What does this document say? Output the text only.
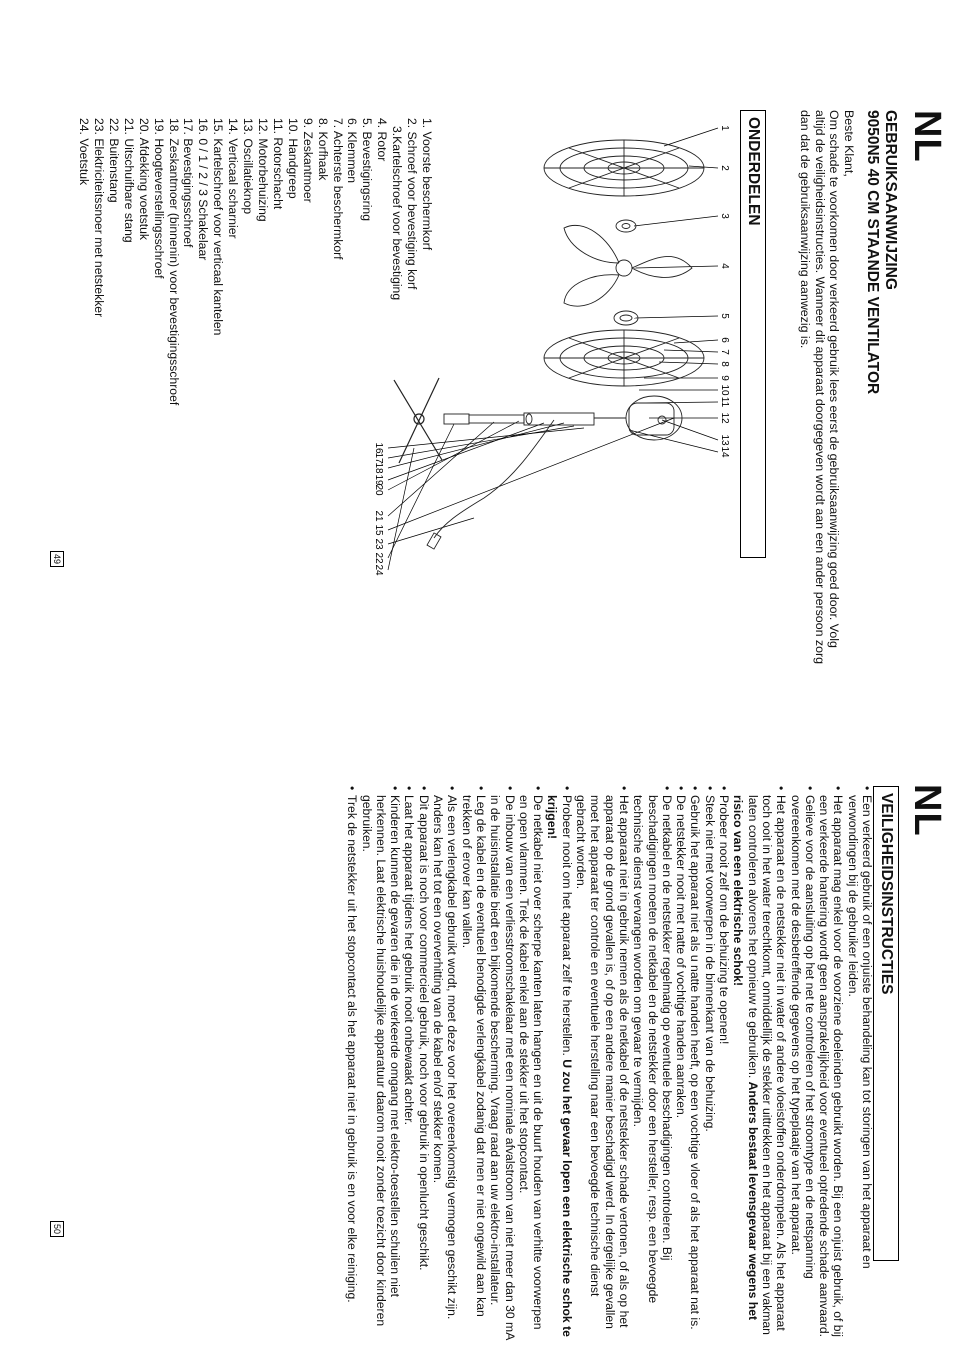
NL
GEBRUIKSAANWIJZING
9050N5 40 CM STAANDE VENTILATOR

Beste Klant,

Om schade te voorkomen door verkeerd gebruik lees eerst de gebruiksaanwijzing goed door. Volg altijd de veiligheidsinstructies. Wanneer dit apparaat doorgegeven wordt aan een ander persoon zorg dan dat de gebruiksaanwijzing aanwezig is.

ONDERDELEN
1
2
3
4
5
6
7
8
9
10
11
12
13
14
15
16
17
18
19
20
21
22
23
24
1. Voorste beschermkorf
2. Schroef voor bevestiging korf
3.Kartelschroef voor bevestiging
4. Rotor
5. Bevestigingsring
6. Klemmen
7. Achterste beschermkorf
8. Korfhaak
9. Zeskantmoer
10. Handgreep
11. Rotorschacht
12. Motorbehuizing
13. Oscillatieknop
14. Verticaal scharnier
15. Kartelschroef voor verticaal kantelen
16. 0 / 1 / 2 / 3 Schakelaar
17. Bevestigingsschroef
18. Zeskantmoer (binnenin) voor bevestigingsschroef
19. Hoogteverstellingsschroef
20. Afdekking voetstuk
21. Uitschuifbare stang
22. Buitenstang
23. Elektriciteitssnoer met netstekker
24. Voetstuk
49
NL
VEILIGHEIDSINSTRUCTIES
•
Een verkeerd gebruik of een onjuiste behandeling kan tot storingen van het apparaat en verwondingen bij de gebruiker leiden.
•
Het apparaat mag enkel voor de voorziene doeleinden gebruikt worden. Bij een onjuist gebruik, of bij een verkeerde hantering wordt geen aansprakelijkheid voor eventueel optredende schade aanvaard.
•
Gelieve voor de aansluiting op het net te controleren of het stroomtype en de netspanning overeenkomen met de desbetreffende gegevens op het typeplaatje van het apparaat.
•
Het apparaat en de netstekker niet in water of andere vloeistoffen onderdompelen. Als het apparaat toch ooit in het water terechtkomt, onmiddellijk de stekker uittrekken en het apparaat bij een vakman laten controleren alvorens het opnieuw te gebruiken. Anders bestaat levensgevaar wegens het risico van een elektrische schok!
•
Probeer nooit zelf om de behuizing te openen!
•
Steek niet met voorwerpen in de binnenkant van de behuizing.
•
Gebruik het apparaat niet als u natte handen heeft, op een vochtige vloer of als het apparaat nat is.
•
De netstekker nooit met natte of vochtige handen aanraken.
•
De netkabel en de netstekker regelmatig op eventuele beschadigingen controleren. Bij beschadigingen moeten de netkabel en de netstekker door een hersteller, resp. een bevoegde technische dienst vervangen worden om gevaar te vermijden.
•
Het apparaat niet in gebruik nemen als de netkabel of de netstekker schade vertonen, of als op het apparaat op de grond gevallen is, of op een andere manier beschadigd werd. In dergelijke gevallen moet het apparaat ter controle en eventuele herstelling naar een bevoegde technische dienst gebracht worden.
•
Probeer nooit om het apparaat zelf te herstellen. U zou het gevaar lopen een elektrische schok te krijgen!
•
De netkabel niet over scherpe kanten laten hangen en uit de buurt houden van verhitte voorwerpen en open vlammen. Trek de kabel enkel aan de stekker uit het stopcontact.
•
De inbouw van een verliesstroomschakelaar met een nominale afvalstroom van niet meer dan 30 mA in de huisinstallatie biedt een bijkomende bescherming. Vraag raad aan uw elektro-installateur.
•
Leg de kabel en de eventueel benodigde verlengkabel zodanig dat men er niet ongewild aan kan trekken of erover kan vallen.
•
Als een verlengkabel gebruikt wordt, moet deze voor het overeenkomstig vermogen geschikt zijn. Anders kan het tot een oververhitting van de kabel en/of stekker komen.
•
Dit apparaat is noch voor commercieel gebruik, noch voor gebruik in openlucht geschikt.
•
Laat het apparaat tijdens het gebruik nooit onbewaakt achter.
•
Kinderen kunnen de gevaren die in de verkeerde omgang met elektro-toestellen schuilen niet herkennen. Laat elektrische huishoudelijke apparatuur daarom nooit zonder toezicht door kinderen gebruiken.
•
Trek de netstekker uit het stopcontact als het apparaat niet in gebruik is en voor elke reiniging.
50
